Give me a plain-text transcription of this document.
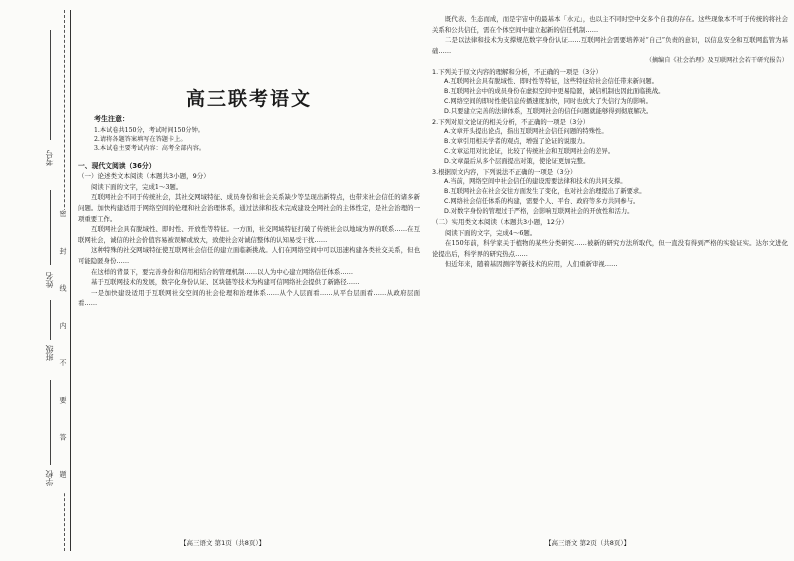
考号
姓名
班级
学校 密 封 线 内 不 要 答 题
高三联考语文
考生注意：
1.本试卷共150分，考试时间150分钟。
2.请将各题答案填写在答题卡上。
3.本试卷主要考试内容：高考全部内容。
一、现代文阅读（36分）
（一）论述类文本阅读（本题共3小题，9分）

阅读下面的文字，完成1～3题。

互联网社会不同于传统社会，其社交网域特征、成员身份和社会关系缺少等呈现出新特点，也带来社会信任的诸多新问题。加快构建适用于网络空间的伦理和社会治理体系，通过法律和技术完成建设全网社会的主体性定，是社会治理的一项重要工作。

互联网社会具有脱域性、即时性、开放性等特征。一方面，社交网域特征打破了传统社会以地域为界的联系……在互联网社会，诚信的社会价值容易被误解或放大，致使社会对诚信整体的认知易受干扰……

这种特殊的社交网域特征使互联网社会信任的建立面临新挑战。人们在网络空间中可以迅速构建各类社交关系，但也可能隐匿身份……

在这样的背景下，要完善身份和信用相结合的管理机制……以人为中心建立网络信任体系……

基于互联网技术的发展，数字化身份认证、区块链等技术为构建可信网络社会提供了新路径……

一是加快建设适用于互联网社交空间的社会伦理和治理体系……从个人层面看……从平台层面看……从政府层面看……

既代表、生态而成，而是宇宙中的最基本「水元」，也以主不同时空中交多个自我的存在。这些现象本不可于传统的将社会关系和公共信任，需在个体空间中建立起新的信任机制……

二是以法律和技术为支撑规范数字身份认证……互联网社会需要培养对“自己”负责的意识，以信息安全和互联网监管为基础……

（摘编自《社会治理》及互联网社会若干研究报告）

1.下列关于原文内容的理解和分析，不正确的一项是（3分）

A.互联网社会具有脱域性、即时性等特征，这些特征给社会信任带来新问题。

B.互联网社会中的成员身份在虚拟空间中更易隐匿，诚信机制也因此面临挑战。

C.网络空间的即时性使信息传播速度加快，同时也放大了失信行为的影响。

D.只要建立完善的法律体系，互联网社会的信任问题就能够得到彻底解决。

2.下列对原文论证的相关分析，不正确的一项是（3分）

A.文章开头提出论点，指出互联网社会信任问题的特殊性。

B.文章引用相关学者的观点，增强了论证的说服力。

C.文章运用对比论证，比较了传统社会和互联网社会的差异。

D.文章最后从多个层面提出对策，使论证更加完整。

3.根据原文内容，下列说法不正确的一项是（3分）

A.当前，网络空间中社会信任的建设需要法律和技术的共同支撑。

B.互联网社会在社会交往方面发生了变化，也对社会治理提出了新要求。

C.网络社会信任体系的构建，需要个人、平台、政府等多方共同参与。

D.对数字身份的管理过于严格，会影响互联网社会的开放性和活力。

（二）实用类文本阅读（本题共3小题，12分）

阅读下面的文字，完成4～6题。

在150年前，科学家关于植物的某些分类研究……被新的研究方法所取代，但一直没有得到严格的实验证实。达尔文进化论提出后，科学界的研究热点……

但近年来，随着基因测序等新技术的应用，人们重新审视……

【高三语文 第1页（共8页）】	【高三语文 第2页（共8页）】
